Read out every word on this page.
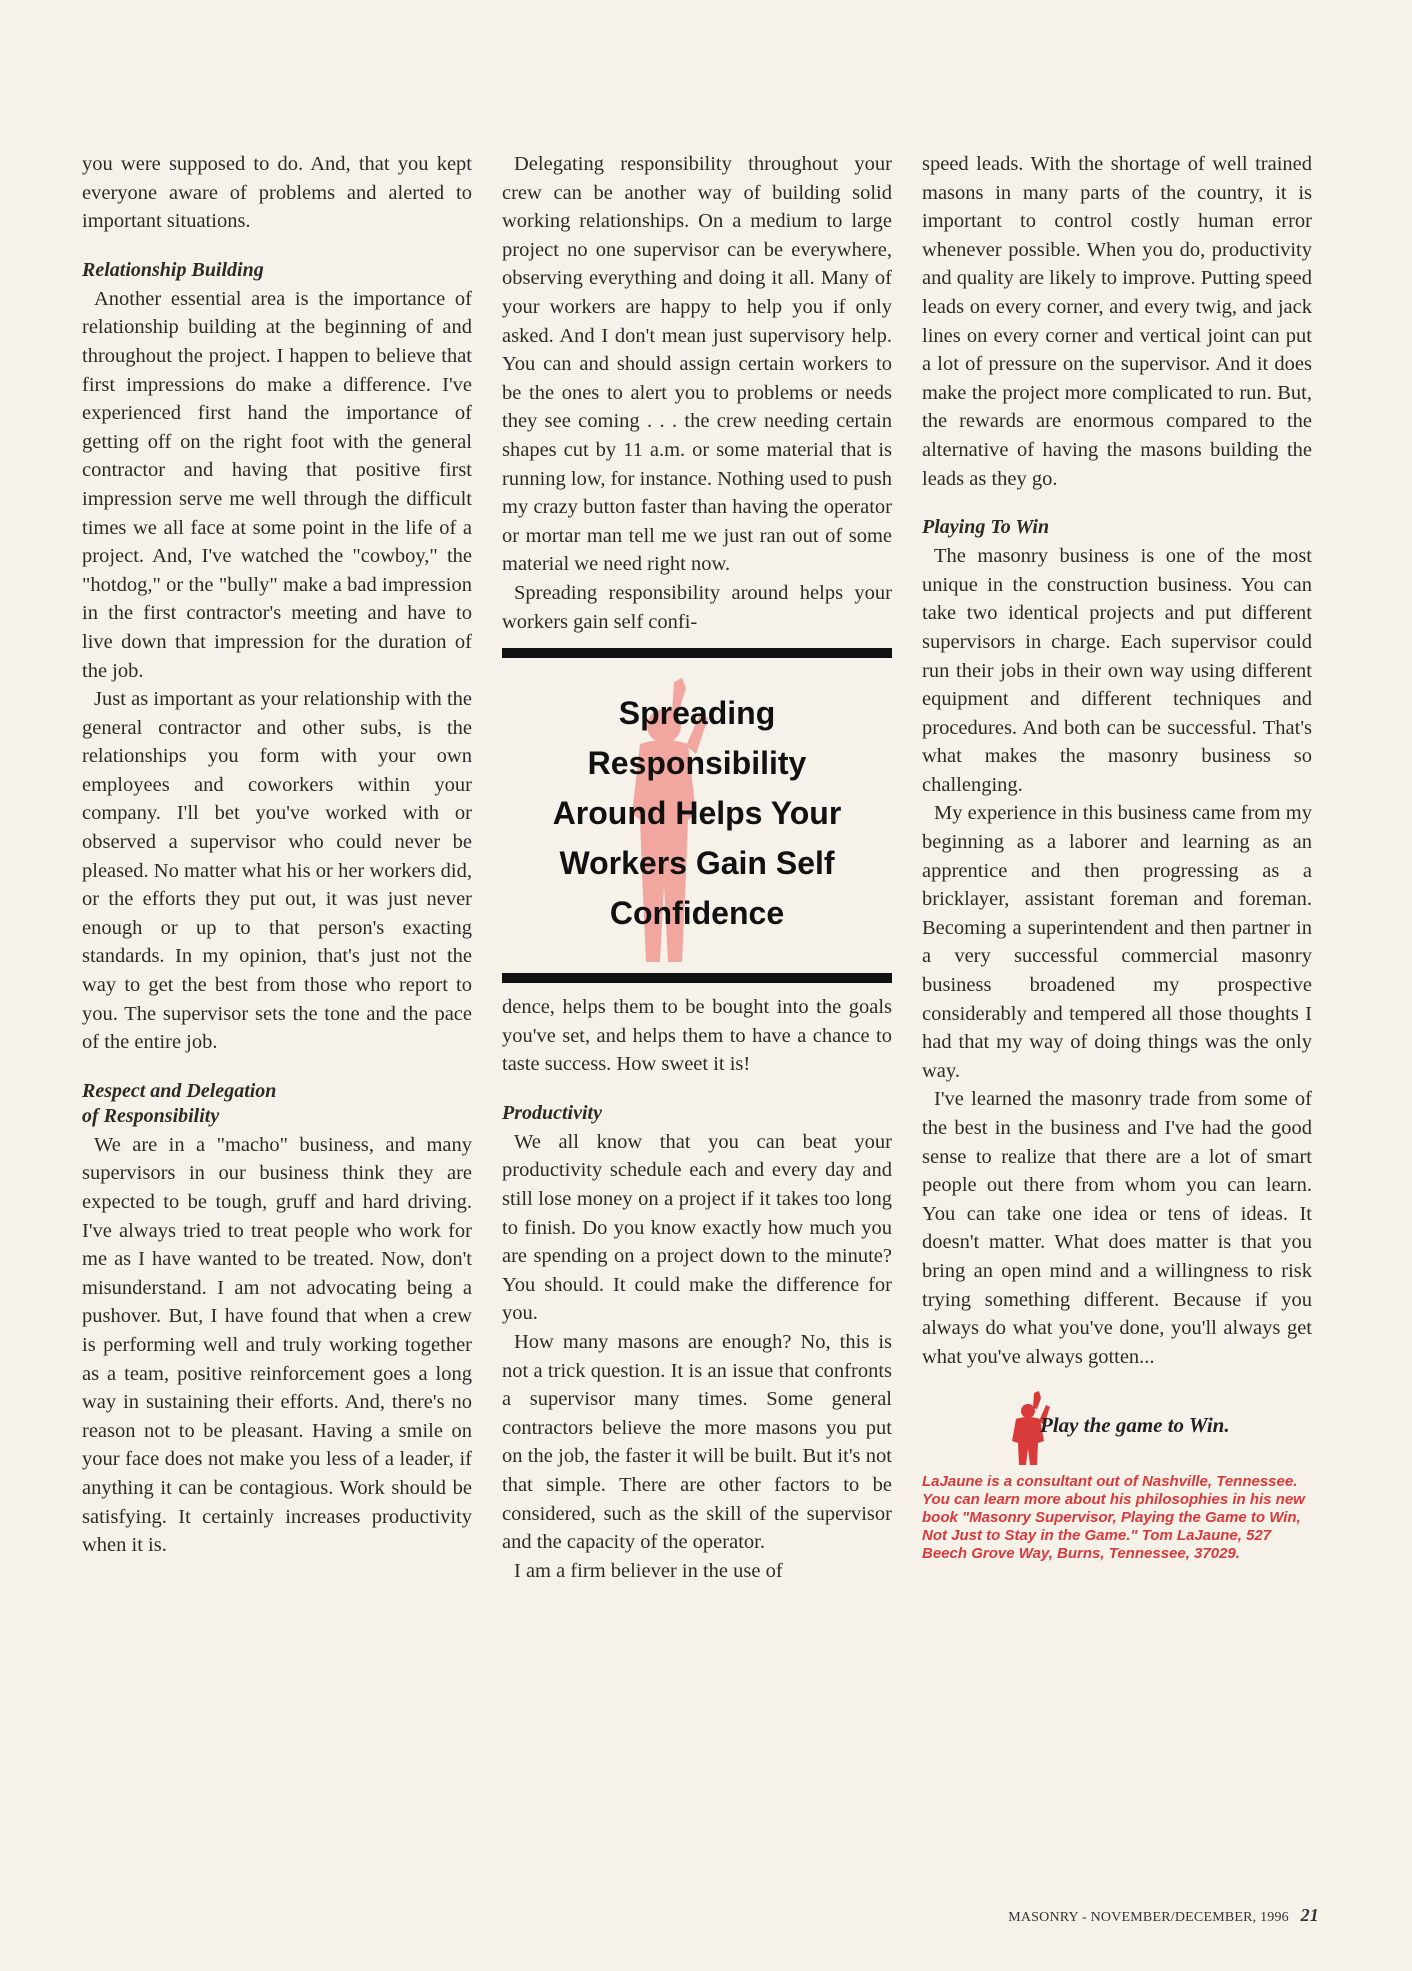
you were supposed to do. And, that you kept everyone aware of problems and alerted to important situations.

Relationship Building

Another essential area is the importance of relationship building at the beginning of and throughout the project. I happen to believe that first impressions do make a difference. I've experienced first hand the importance of getting off on the right foot with the general contractor and having that positive first impression serve me well through the difficult times we all face at some point in the life of a project. And, I've watched the "cowboy," the "hotdog," or the "bully" make a bad impression in the first contractor's meeting and have to live down that impression for the duration of the job.

Just as important as your relationship with the general contractor and other subs, is the relationships you form with your own employees and coworkers within your company. I'll bet you've worked with or observed a supervisor who could never be pleased. No matter what his or her workers did, or the efforts they put out, it was just never enough or up to that person's exacting standards. In my opinion, that's just not the way to get the best from those who report to you. The supervisor sets the tone and the pace of the entire job.

Respect and Delegation
of Responsibility

We are in a "macho" business, and many supervisors in our business think they are expected to be tough, gruff and hard driving. I've always tried to treat people who work for me as I have wanted to be treated. Now, don't misunderstand. I am not advocating being a pushover. But, I have found that when a crew is performing well and truly working together as a team, positive reinforcement goes a long way in sustaining their efforts. And, there's no reason not to be pleasant. Having a smile on your face does not make you less of a leader, if anything it can be contagious. Work should be satisfying. It certainly increases productivity when it is.

Delegating responsibility throughout your crew can be another way of building solid working relationships. On a medium to large project no one supervisor can be everywhere, observing everything and doing it all. Many of your workers are happy to help you if only asked. And I don't mean just supervisory help. You can and should assign certain workers to be the ones to alert you to problems or needs they see coming . . . the crew needing certain shapes cut by 11 a.m. or some material that is running low, for instance. Nothing used to push my crazy button faster than having the operator or mortar man tell me we just ran out of some material we need right now.

Spreading responsibility around helps your workers gain self confi-

Spreading
Responsibility
Around Helps Your
Workers Gain Self
Confidence

dence, helps them to be bought into the goals you've set, and helps them to have a chance to taste success. How sweet it is!

Productivity

We all know that you can beat your productivity schedule each and every day and still lose money on a project if it takes too long to finish. Do you know exactly how much you are spending on a project down to the minute? You should. It could make the difference for you.

How many masons are enough? No, this is not a trick question. It is an issue that confronts a supervisor many times. Some general contractors believe the more masons you put on the job, the faster it will be built. But it's not that simple. There are other factors to be considered, such as the skill of the supervisor and the capacity of the operator.

I am a firm believer in the use of

speed leads. With the shortage of well trained masons in many parts of the country, it is important to control costly human error whenever possible. When you do, productivity and quality are likely to improve. Putting speed leads on every corner, and every twig, and jack lines on every corner and vertical joint can put a lot of pressure on the supervisor. And it does make the project more complicated to run. But, the rewards are enormous compared to the alternative of having the masons building the leads as they go.

Playing To Win

The masonry business is one of the most unique in the construction business. You can take two identical projects and put different supervisors in charge. Each supervisor could run their jobs in their own way using different equipment and different techniques and procedures. And both can be successful. That's what makes the masonry business so challenging.

My experience in this business came from my beginning as a laborer and learning as an apprentice and then progressing as a bricklayer, assistant foreman and foreman. Becoming a superintendent and then partner in a very successful commercial masonry business broadened my prospective considerably and tempered all those thoughts I had that my way of doing things was the only way.

I've learned the masonry trade from some of the best in the business and I've had the good sense to realize that there are a lot of smart people out there from whom you can learn. You can take one idea or tens of ideas. It doesn't matter. What does matter is that you bring an open mind and a willingness to risk trying something different. Because if you always do what you've done, you'll always get what you've always gotten...

Play the game to Win.
LaJaune is a consultant out of Nashville, Tennessee. You can learn more about his philosophies in his new book "Masonry Supervisor, Playing the Game to Win, Not Just to Stay in the Game." Tom LaJaune, 527 Beech Grove Way, Burns, Tennessee, 37029.
MASONRY - NOVEMBER/DECEMBER, 1996 21
